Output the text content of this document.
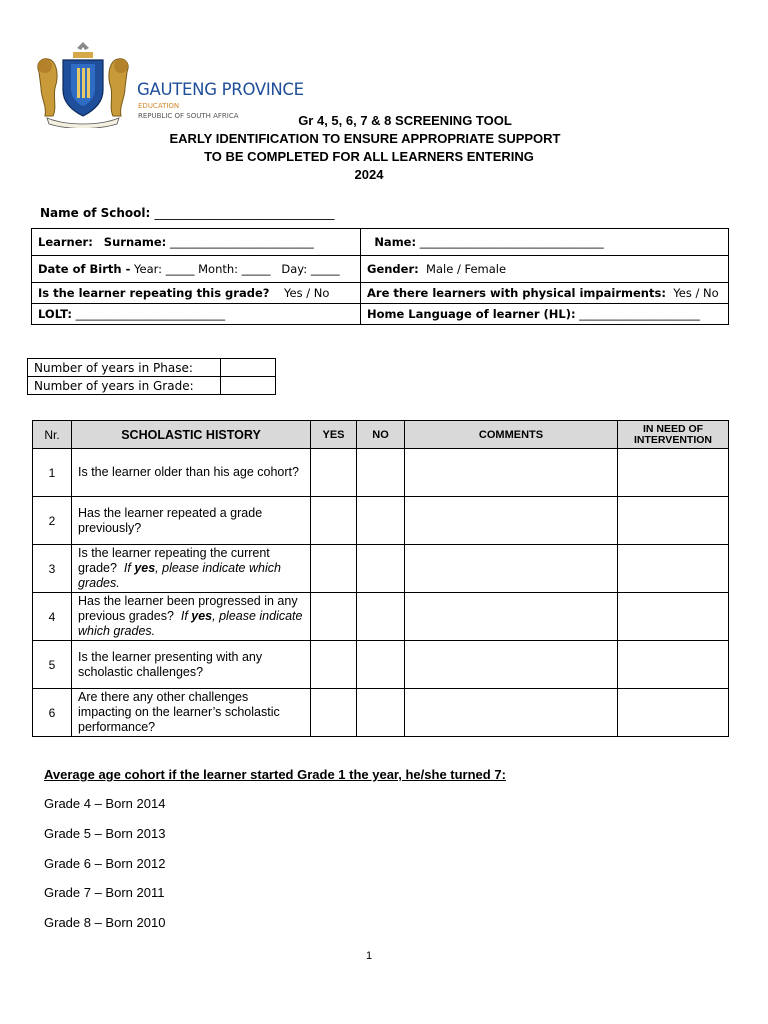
GAUTENG PROVINCE
EDUCATION
REPUBLIC OF SOUTH AFRICA	Gr 4, 5, 6, 7 & 8 SCREENING TOOL
EARLY IDENTIFICATION TO ENSURE APPROPRIATE SUPPORT
TO BE COMPLETED FOR ALL LEARNERS ENTERING
2024
Name of School: ______________________________
Learner: Surname: _________________________	Name: ________________________________
Date of Birth - Year: _____ Month: _____ Day: _____	Gender: Male / Female
Is the learner repeating this grade? Yes / No	Are there learners with physical impairments: Yes / No
LOLT: __________________________	Home Language of learner (HL): _____________________
Number of years in Phase:	
Number of years in Grade:	
Nr.	SCHOLASTIC HISTORY	YES	NO	COMMENTS	IN NEED OF
INTERVENTION
1	Is the learner older than his age cohort?				
2	Has the learner repeated a grade previously?				
3	Is the learner repeating the current grade? If yes, please indicate which grades.				
4	Has the learner been progressed in any previous grades? If yes, please indicate which grades.				
5	Is the learner presenting with any scholastic challenges?				
6	Are there any other challenges impacting on the learner’s scholastic performance?				
Average age cohort if the learner started Grade 1 the year, he/she turned 7:
Grade 4 – Born 2014
Grade 5 – Born 2013
Grade 6 – Born 2012
Grade 7 – Born 2011
Grade 8 – Born 2010
1
